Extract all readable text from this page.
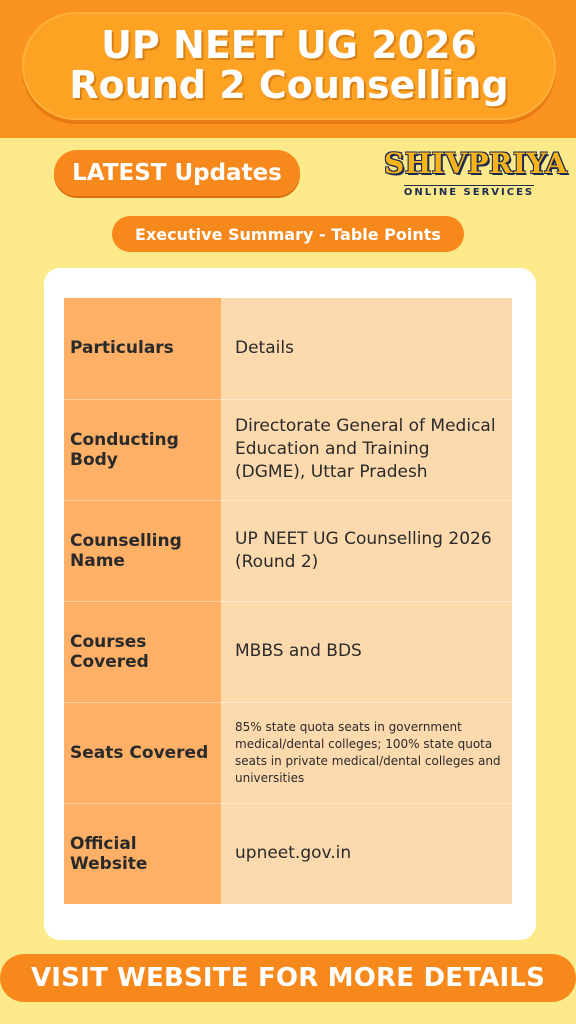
UP NEET UG 2026
Round 2 Counselling
LATEST Updates	SHIVPRIYA
ONLINE SERVICES
Executive Summary - Table Points
Particulars	Details
Conducting Body	Directorate General of Medical Education and Training (DGME), Uttar Pradesh
Counselling Name	UP NEET UG Counselling 2026 (Round 2)
Courses Covered	MBBS and BDS
Seats Covered	85% state quota seats in government medical/dental colleges; 100% state quota seats in private medical/dental colleges and universities
Official Website	upneet.gov.in
VISIT WEBSITE FOR MORE DETAILS
